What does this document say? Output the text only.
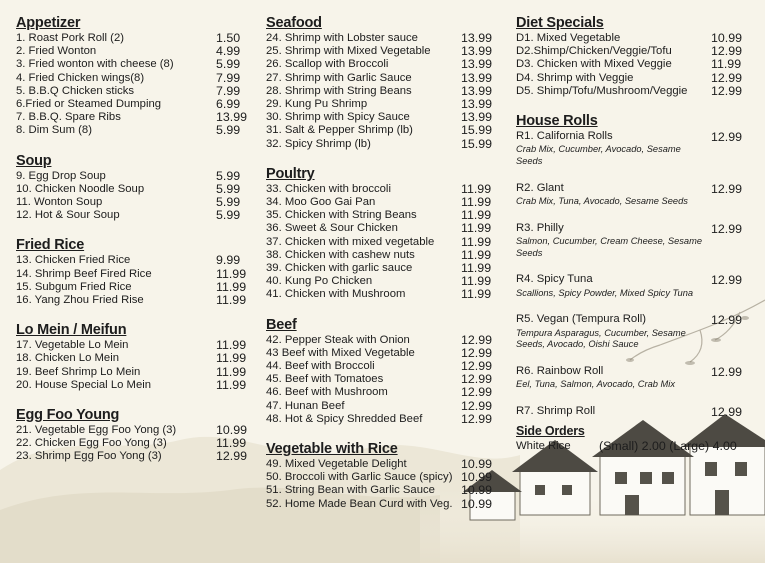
Appetizer
1. Roast Pork Roll (2)	1.50
2. Fried Wonton	4.99
3. Fried wonton with cheese (8)	5.99
4. Fried Chicken wings(8)	7.99
5. B.B.Q Chicken sticks	7.99
6.Fried or Steamed Dumping	6.99
7. B.B.Q. Spare Ribs	13.99
8. Dim Sum (8)	5.99
Soup
9. Egg Drop Soup	5.99
10. Chicken Noodle Soup	5.99
11. Wonton Soup	5.99
12. Hot & Sour Soup	5.99
Fried Rice
13. Chicken Fried Rice	9.99
14. Shrimp Beef Fired Rice	11.99
15. Subgum Fried Rice	11.99
16. Yang Zhou Fried Rise	11.99
Lo Mein / Meifun
17. Vegetable Lo Mein	11.99
18. Chicken Lo Mein	11.99
19. Beef Shrimp Lo Mein	11.99
20. House Special Lo Mein	11.99
Egg Foo Young
21. Vegetable Egg Foo Yong (3)	10.99
22. Chicken Egg Foo Yong (3)	11.99
23. Shrimp Egg Foo Yong (3)	12.99
Seafood
24. Shrimp with Lobster sauce	13.99
25. Shrimp with Mixed Vegetable 13.99
26. Scallop with Broccoli	13.99
27. Shrimp with Garlic Sauce	13.99
28. Shrimp with String Beans	13.99
29. Kung Pu Shrimp	13.99
30. Shrimp with Spicy Sauce	13.99
31. Salt & Pepper Shrimp (lb)	15.99
32. Spicy Shrimp (lb)	15.99
Poultry
33. Chicken with broccoli	11.99
34. Moo Goo Gai Pan	11.99
35. Chicken with String Beans	11.99
36. Sweet & Sour Chicken	11.99
37. Chicken with mixed vegetable 11.99
38. Chicken with cashew nuts	11.99
39. Chicken with garlic sauce	11.99
40. Kung Po Chicken	11.99
41. Chicken with Mushroom	11.99
Beef
42. Pepper Steak with Onion	12.99
43 Beef with Mixed Vegetable	12.99
44. Beef with Broccoli	12.99
45. Beef with Tomatoes	12.99
46. Beef with Mushroom	12.99
47. Hunan Beef	12.99
48. Hot & Spicy Shredded Beef	12.99
Vegetable with Rice
49. Mixed Vegetable Delight	10.99
50. Broccoli with Garlic Sauce (spicy) 10.99
51. String Bean with Garlic Sauce 10.99
52. Home Made Bean Curd with Veg. 10.99
Diet Specials
D1. Mixed Vegetable	10.99
D2.Shimp/Chicken/Veggie/Tofu	12.99
D3. Chicken with Mixed Veggie	11.99
D4. Shrimp with Veggie	12.99
D5. Shimp/Tofu/Mushroom/Veggie 12.99
House Rolls
R1. California Rolls	12.99
Crab Mix, Cucumber, Avocado, Sesame Seeds
R2. Glant	12.99
Crab Mix, Tuna, Avocado, Sesame Seeds
R3. Philly	12.99
Salmon, Cucumber, Cream Cheese, Sesame Seeds
R4. Spicy Tuna	12.99
Scallions, Spicy Powder, Mixed Spicy Tuna
R5. Vegan (Tempura Roll)	12.99
Tempura Asparagus, Cucumber, Sesame Seeds, Avocado, Oishi Sauce
R6. Rainbow Roll	12.99
Eel, Tuna, Salmon, Avocado, Crab Mix
R7. Shrimp Roll	12.99
Side Orders
White Rice (Small) 2.00 (Large) 4.00
